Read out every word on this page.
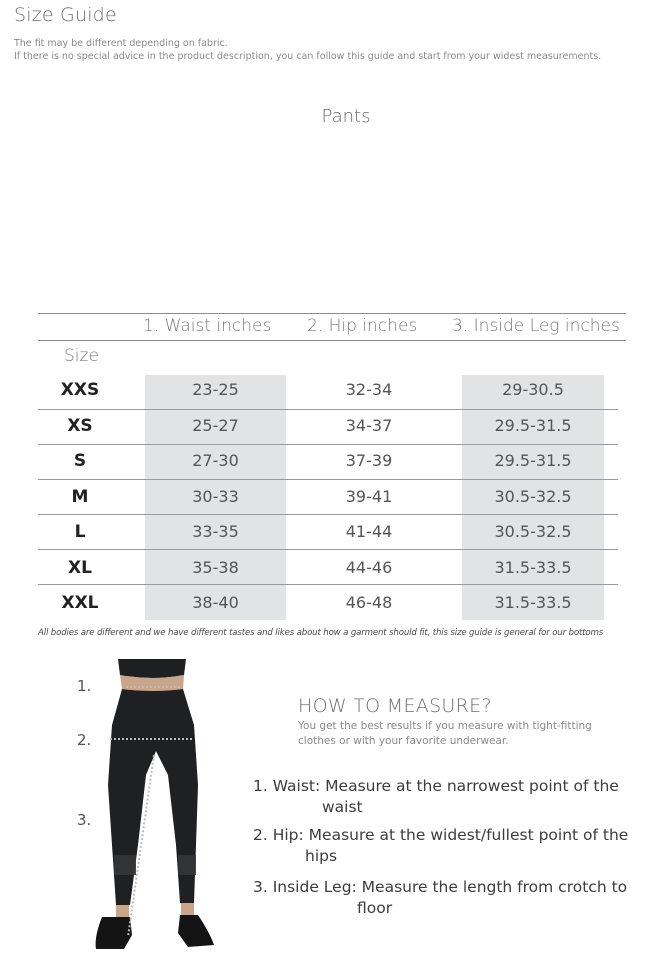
Size Guide
The fit may be different depending on fabric.
If there is no special advice in the product description, you can follow this guide and start from your widest measurements.
Pants
1. Waist inches 2. Hip inches 3. Inside Leg inches
Size
XXS	23-25	32-34	29-30.5
XS	25-27	34-37	29.5-31.5
S	27-30	37-39	29.5-31.5
M	30-33	39-41	30.5-32.5
L	33-35	41-44	30.5-32.5
XL	35-38	44-46	31.5-33.5
XXL	38-40	46-48	31.5-33.5
All bodies are different and we have different tastes and likes about how a garment should fit, this size guide is general for our bottoms
1.
2.
3.
HOW TO MEASURE?
You get the best results if you measure with tight-fitting
clothes or with your favorite underwear.
1. Waist: Measure at the narrowest point of the
waist
2. Hip: Measure at the widest/fullest point of the
hips
3. Inside Leg: Measure the length from crotch to
floor
